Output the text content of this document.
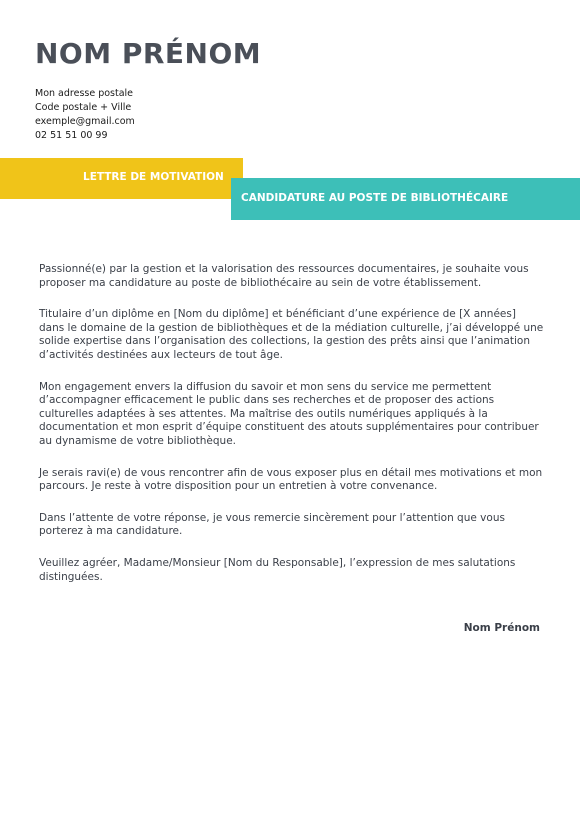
NOM PRÉNOM
Mon adresse postale
Code postale + Ville
exemple@gmail.com
02 51 51 00 99
LETTRE DE MOTIVATION
CANDIDATURE AU POSTE DE BIBLIOTHÉCAIRE

Passionné(e) par la gestion et la valorisation des ressources documentaires, je souhaite vous proposer ma candidature au poste de bibliothécaire au sein de votre établissement.

Titulaire d’un diplôme en [Nom du diplôme] et bénéficiant d’une expérience de [X années] dans le domaine de la gestion de bibliothèques et de la médiation culturelle, j’ai développé une solide expertise dans l’organisation des collections, la gestion des prêts ainsi que l’animation d’activités destinées aux lecteurs de tout âge.

Mon engagement envers la diffusion du savoir et mon sens du service me permettent d’accompagner efficacement le public dans ses recherches et de proposer des actions culturelles adaptées à ses attentes. Ma maîtrise des outils numériques appliqués à la documentation et mon esprit d’équipe constituent des atouts supplémentaires pour contribuer au dynamisme de votre bibliothèque.

Je serais ravi(e) de vous rencontrer afin de vous exposer plus en détail mes motivations et mon parcours. Je reste à votre disposition pour un entretien à votre convenance.

Dans l’attente de votre réponse, je vous remercie sincèrement pour l’attention que vous porterez à ma candidature.

Veuillez agréer, Madame/Monsieur [Nom du Responsable], l’expression de mes salutations distinguées.

Nom Prénom
